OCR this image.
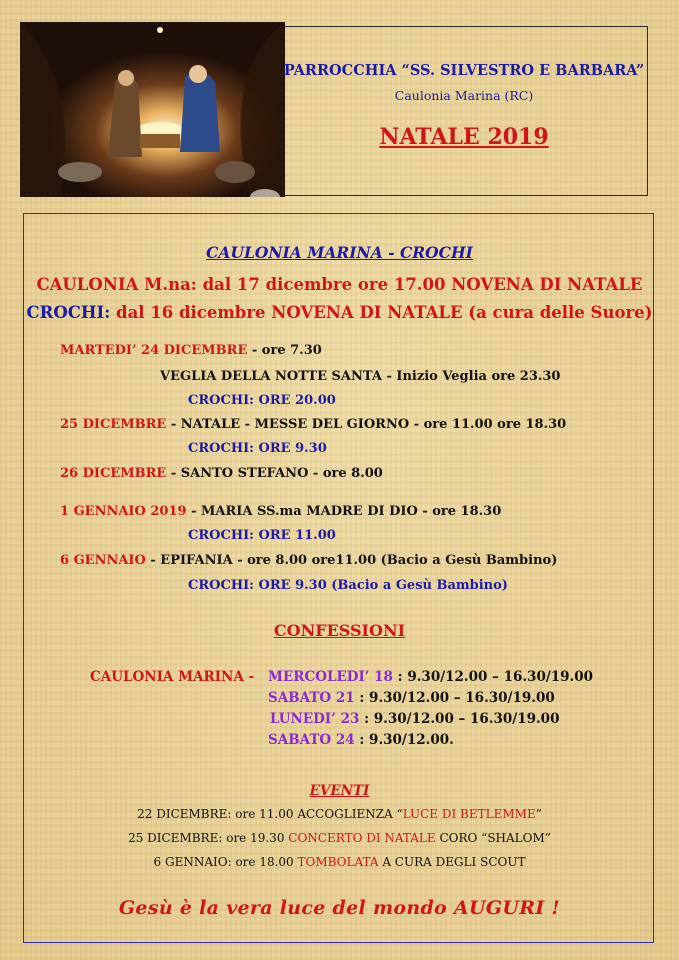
PARROCCHIA “SS. SILVESTRO E BARBARA”
Caulonia Marina (RC)
NATALE 2019
CAULONIA MARINA - CROCHI
CAULONIA M.na: dal 17 dicembre ore 17.00 NOVENA DI NATALE
CROCHI: dal 16 dicembre NOVENA DI NATALE (a cura delle Suore)
MARTEDI’ 24 DICEMBRE - ore 7.30
VEGLIA DELLA NOTTE SANTA - Inizio Veglia ore 23.30
CROCHI: ORE 20.00
25 DICEMBRE - NATALE - MESSE DEL GIORNO - ore 11.00 ore 18.30
CROCHI: ORE 9.30
26 DICEMBRE - SANTO STEFANO - ore 8.00
1 GENNAIO 2019 - MARIA SS.ma MADRE DI DIO - ore 18.30
CROCHI: ORE 11.00
6 GENNAIO - EPIFANIA - ore 8.00 ore11.00 (Bacio a Gesù Bambino)
CROCHI: ORE 9.30 (Bacio a Gesù Bambino)
CONFESSIONI
CAULONIA MARINA - MERCOLEDI’ 18 : 9.30/12.00 – 16.30/19.00
SABATO 21 : 9.30/12.00 – 16.30/19.00
LUNEDI’ 23 : 9.30/12.00 – 16.30/19.00
SABATO 24 : 9.30/12.00.
EVENTI
22 DICEMBRE: ore 11.00 ACCOGLIENZA “LUCE DI BETLEMME”
25 DICEMBRE: ore 19.30 CONCERTO DI NATALE CORO “SHALOM”
6 GENNAIO: ore 18.00 TOMBOLATA A CURA DEGLI SCOUT
Gesù è la vera luce del mondo AUGURI !
